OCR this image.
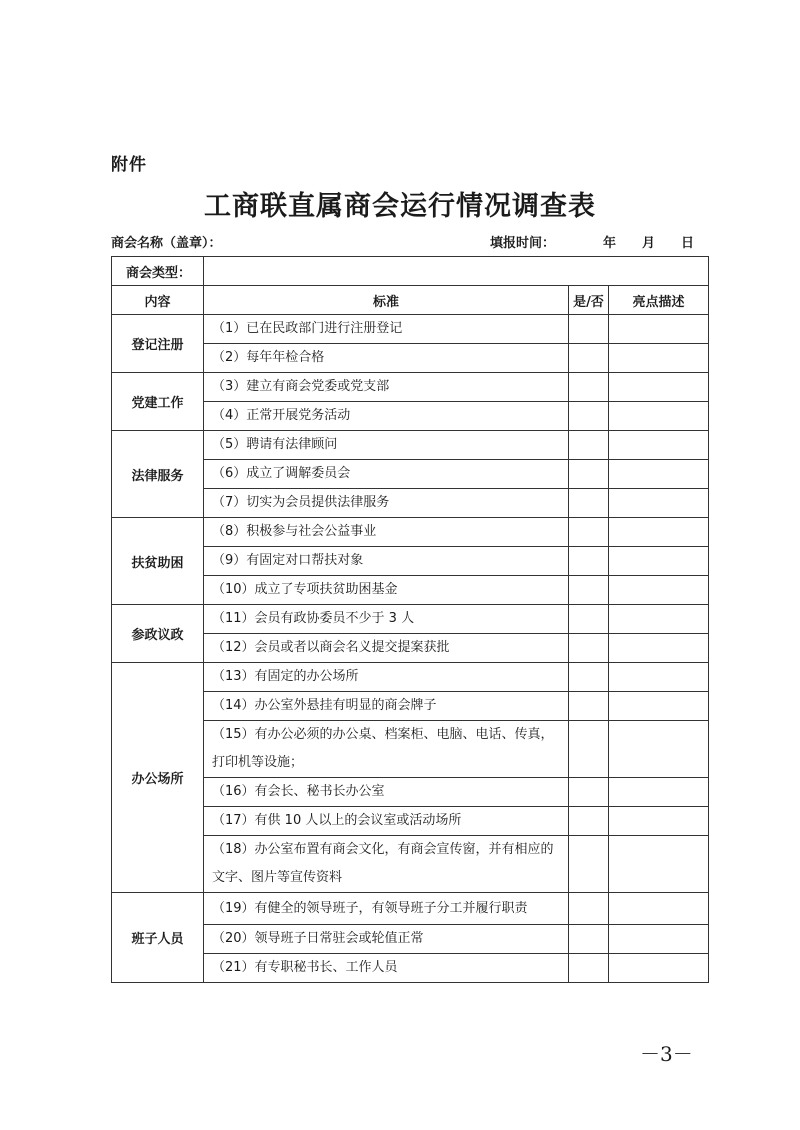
附件
工商联直属商会运行情况调查表
商会名称（盖章）：	填报时间：	年 月 日
商会类型：			
内容	标准	是/否	亮点描述
登记注册	（1）已在民政部门进行注册登记		
	（2）每年年检合格		
党建工作	（3）建立有商会党委或党支部		
	（4）正常开展党务活动		
法律服务	（5）聘请有法律顾问		
	（6）成立了调解委员会		
	（7）切实为会员提供法律服务		
扶贫助困	（8）积极参与社会公益事业		
	（9）有固定对口帮扶对象		
	（10）成立了专项扶贫助困基金		
参政议政	（11）会员有政协委员不少于 3 人		
	（12）会员或者以商会名义提交提案获批		
办公场所	（13）有固定的办公场所		
	（14）办公室外悬挂有明显的商会牌子		
	（15）有办公必须的办公桌、档案柜、电脑、电话、传真，打印机等设施；		
	（16）有会长、秘书长办公室		
	（17）有供 10 人以上的会议室或活动场所		
	（18）办公室布置有商会文化，有商会宣传窗，并有相应的文字、图片等宣传资料		
班子人员	（19）有健全的领导班子，有领导班子分工并履行职责		
	（20）领导班子日常驻会或轮值正常		
	（21）有专职秘书长、工作人员		
－3－
